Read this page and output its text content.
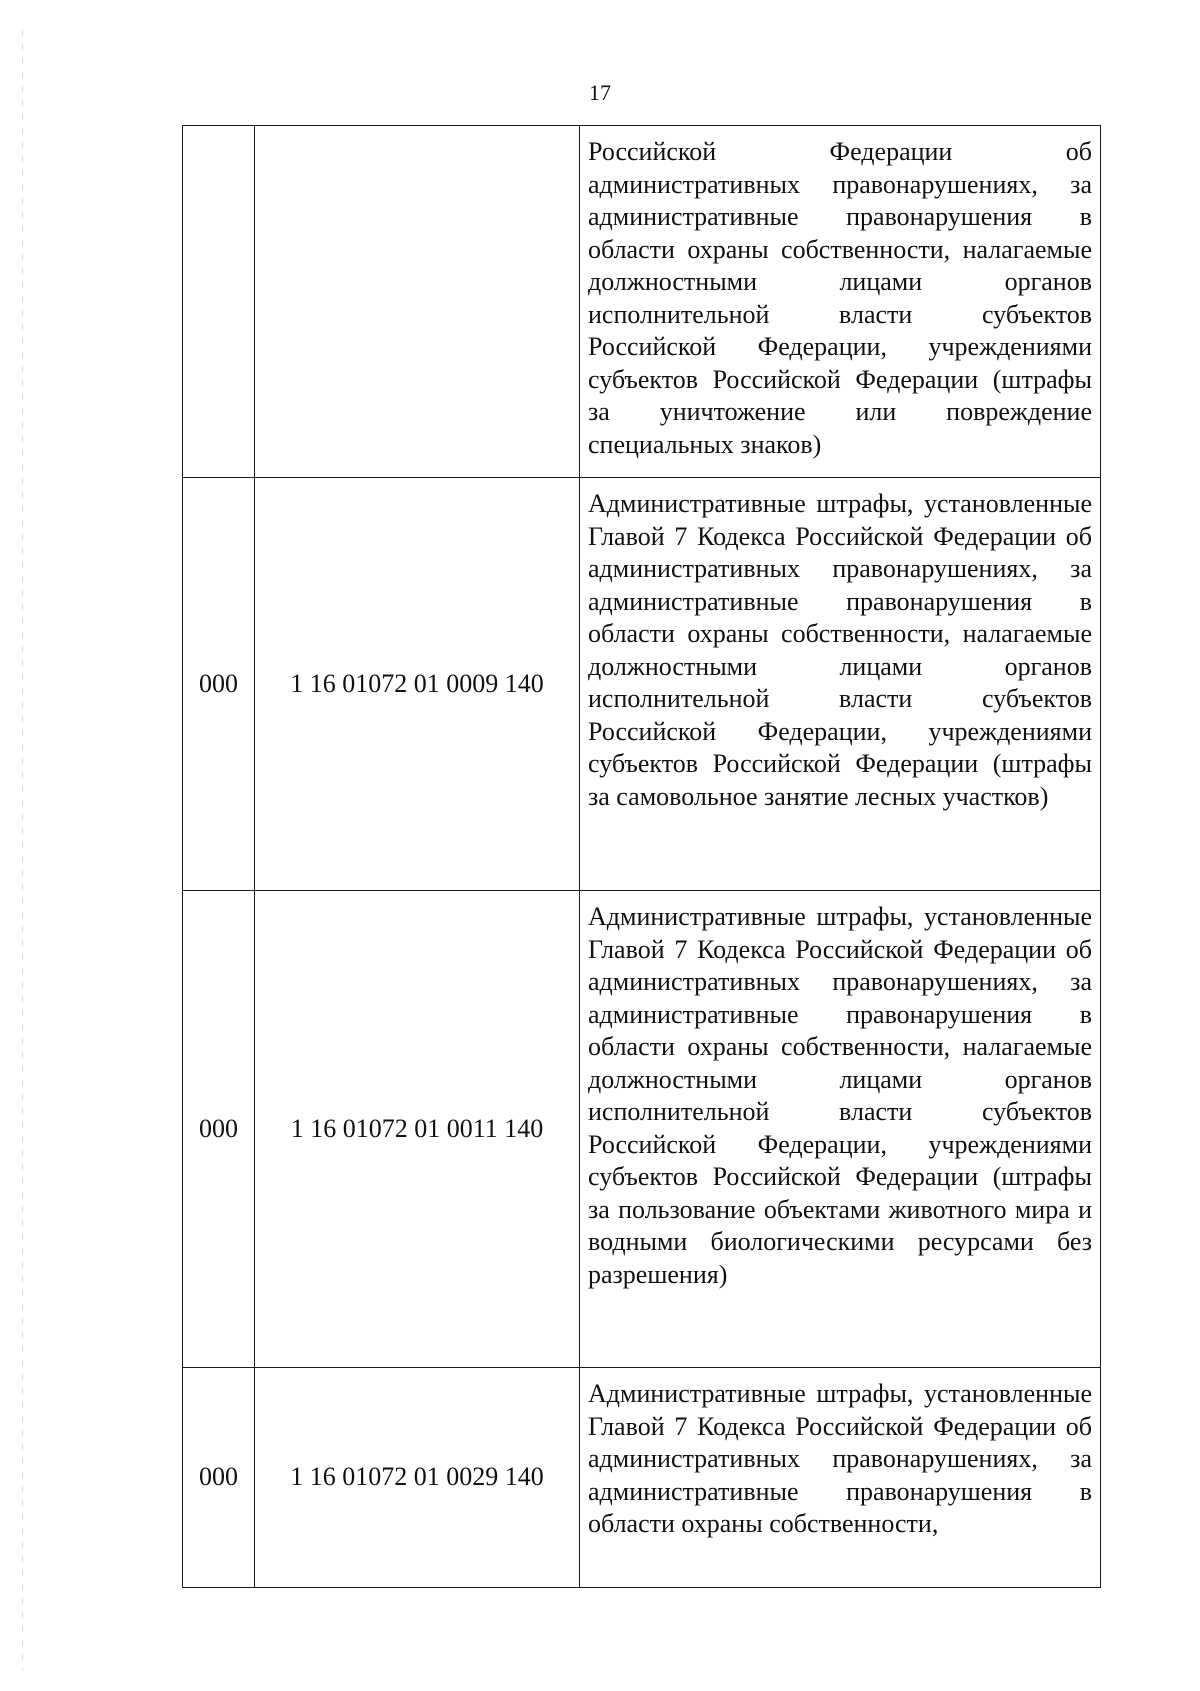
17
		Российской Федерации об административных правонарушениях, за административные правонарушения в области охраны собственности, налагаемые должностными лицами органов исполнительной власти субъектов Российской Федерации, учреждениями субъектов Российской Федерации (штрафы за уничтожение или повреждение специальных знаков)
000	1 16 01072 01 0009 140	Административные штрафы, установленные Главой 7 Кодекса Российской Федерации об административных правонарушениях, за административные правонарушения в области охраны собственности, налагаемые должностными лицами органов исполнительной власти субъектов Российской Федерации, учреждениями субъектов Российской Федерации (штрафы за самовольное занятие лесных участков)
000	1 16 01072 01 0011 140	Административные штрафы, установленные Главой 7 Кодекса Российской Федерации об административных правонарушениях, за административные правонарушения в области охраны собственности, налагаемые должностными лицами органов исполнительной власти субъектов Российской Федерации, учреждениями субъектов Российской Федерации (штрафы за пользование объектами животного мира и водными биологическими ресурсами без разрешения)
000	1 16 01072 01 0029 140	Административные штрафы, установленные Главой 7 Кодекса Российской Федерации об административных правонарушениях, за административные правонарушения в области охраны собственности,
